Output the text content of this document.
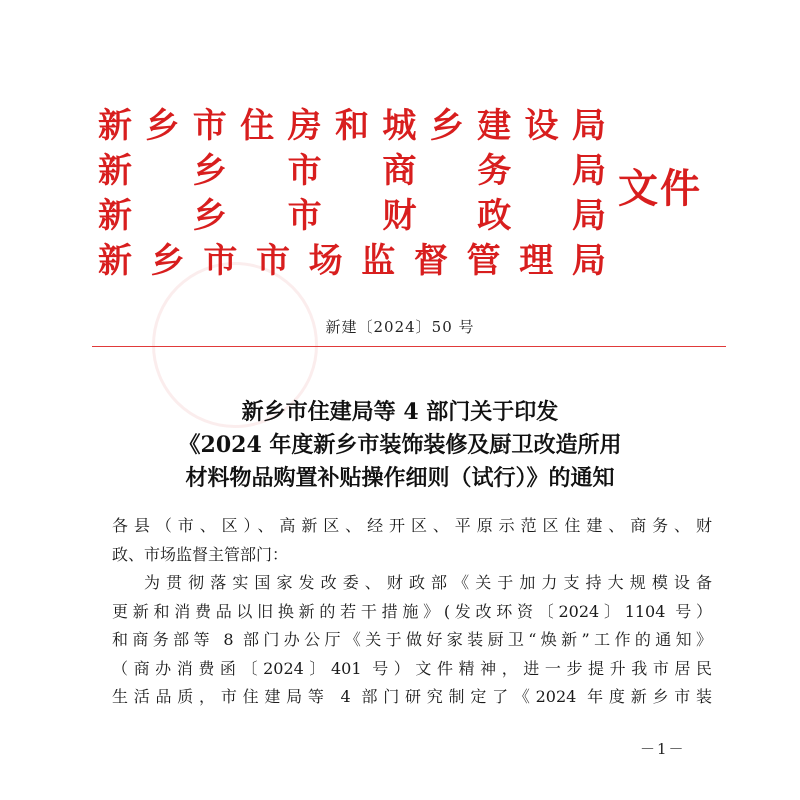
新 乡 市 住 房 和 城 乡 建 设 局
新 乡 市 商 务 局
新 乡 市 财 政 局
新 乡 市 市 场 监 督 管 理 局
文件
新建〔2024〕50 号
新乡市住建局等 4 部门关于印发
《2024 年度新乡市装饰装修及厨卫改造所用
材料物品购置补贴操作细则（试行）》的通知
各县（市、区）、高新区、经开区、平原示范区住建、商务、财
政、市场监督主管部门：
为贯彻落实国家发改委、财政部《关于加力支持大规模设备
更新和消费品以旧换新的若干措施》(发改环资〔2024〕1104 号）
和商务部等 8 部门办公厅《关于做好家装厨卫“焕新”工作的通知》
（商办消费函〔2024〕401 号）文件精神，进一步提升我市居民
生活品质，市住建局等 4 部门研究制定了《2024 年度新乡市装
－1－
